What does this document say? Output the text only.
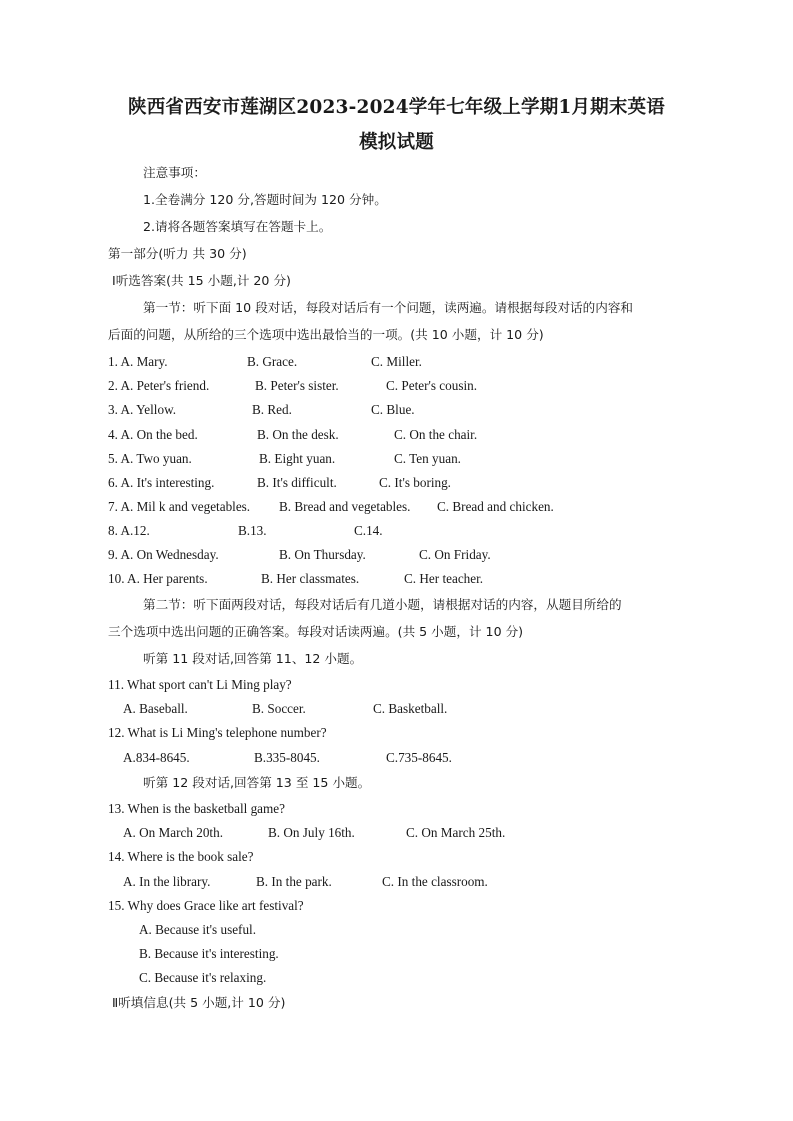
陕西省西安市莲湖区2023-2024学年七年级上学期1月期末英语
模拟试题
注意事项：
1.全卷满分 120 分,答题时间为 120 分钟。
2.请将各题答案填写在答题卡上。
第一部分(听力 共 30 分)
Ⅰ听选答案(共 15 小题,计 20 分)
第一节：听下面 10 段对话，每段对话后有一个问题，读两遍。请根据每段对话的内容和
后面的问题，从所给的三个选项中选出最恰当的一项。(共 10 小题，计 10 分)
1. A. Mary.	B. Grace.	C. Miller.
2. A. Peter's friend.	B. Peter's sister.	C. Peter's cousin.
3. A. Yellow.	B. Red.	C. Blue.
4. A. On the bed.	B. On the desk.	C. On the chair.
5. A. Two yuan.	B. Eight yuan.	C. Ten yuan.
6. A. It's interesting.	B. It's difficult.	C. It's boring.
7. A. Mil k and vegetables. B. Bread and vegetables. C. Bread and chicken.
8. A.12.	B.13.	C.14.
9. A. On Wednesday.	B. On Thursday.	C. On Friday.
10. A. Her parents.	B. Her classmates.	C. Her teacher.
第二节：听下面两段对话，每段对话后有几道小题，请根据对话的内容，从题目所给的
三个选项中选出问题的正确答案。每段对话读两遍。(共 5 小题，计 10 分)
听第 11 段对话,回答第 11、12 小题。
11. What sport can't Li Ming play?
A. Baseball.	B. Soccer.	C. Basketball.
12. What is Li Ming's telephone number?
A.834-8645.	B.335-8045.	C.735-8645.
听第 12 段对话,回答第 13 至 15 小题。
13. When is the basketball game?
A. On March 20th.	B. On July 16th.	C. On March 25th.
14. Where is the book sale?
A. In the library.	B. In the park.	C. In the classroom.
15. Why does Grace like art festival?
A. Because it's useful.
B. Because it's interesting.
C. Because it's relaxing.
Ⅱ听填信息(共 5 小题,计 10 分)
